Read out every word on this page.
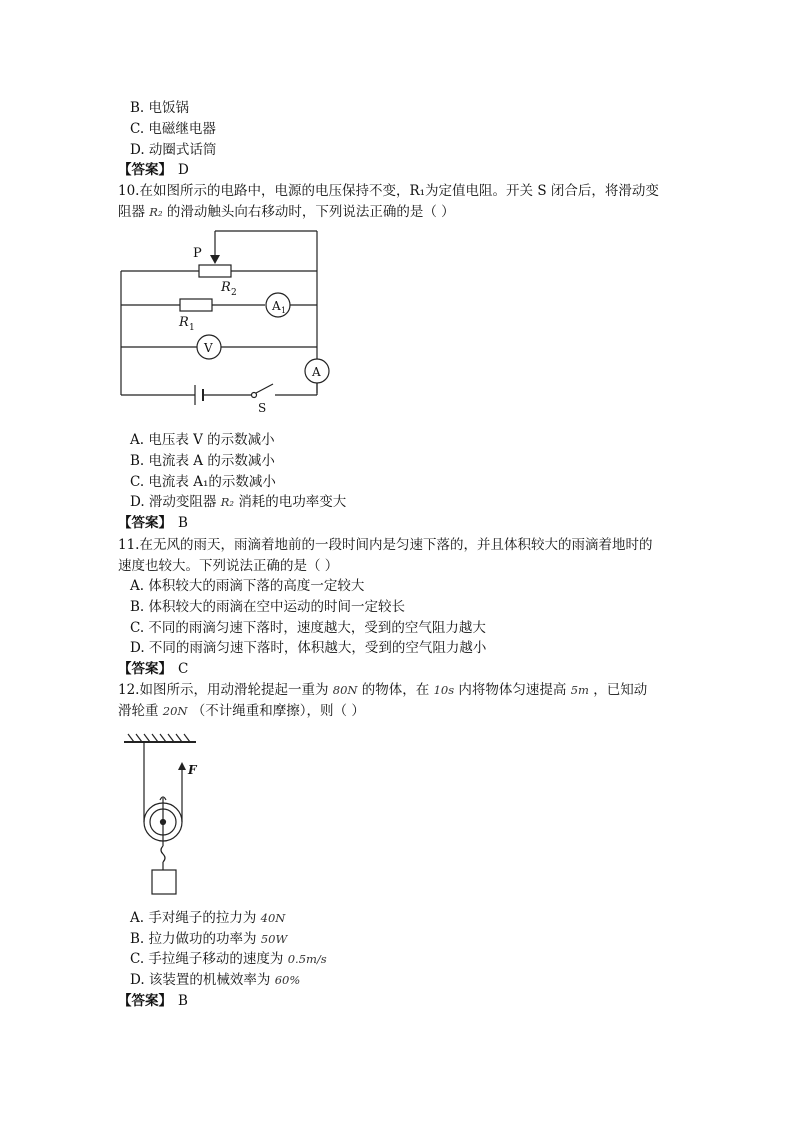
B. 电饭锅
C. 电磁继电器
D. 动圈式话筒
【答案】 D
10.在如图所示的电路中，电源的电压保持不变，R₁为定值电阻。开关 S 闭合后，将滑动变
阻器 R₂ 的滑动触头向右移动时，下列说法正确的是（ ）
P
R 2
R 1
A 1
V
A
S
A. 电压表 V 的示数减小
B. 电流表 A 的示数减小
C. 电流表 A₁的示数减小
D. 滑动变阻器 R₂ 消耗的电功率变大
【答案】 B
11.在无风的雨天，雨滴着地前的一段时间内是匀速下落的，并且体积较大的雨滴着地时的
速度也较大。下列说法正确的是（ ）
A. 体积较大的雨滴下落的高度一定较大
B. 体积较大的雨滴在空中运动的时间一定较长
C. 不同的雨滴匀速下落时，速度越大，受到的空气阻力越大
D. 不同的雨滴匀速下落时，体积越大，受到的空气阻力越小
【答案】 C
12.如图所示，用动滑轮提起一重为 80N 的物体，在 10s 内将物体匀速提高 5m ，已知动
滑轮重 20N （不计绳重和摩擦），则（ ）
F
A. 手对绳子的拉力为 40N
B. 拉力做功的功率为 50W
C. 手拉绳子移动的速度为 0.5m/s
D. 该装置的机械效率为 60%
【答案】 B
